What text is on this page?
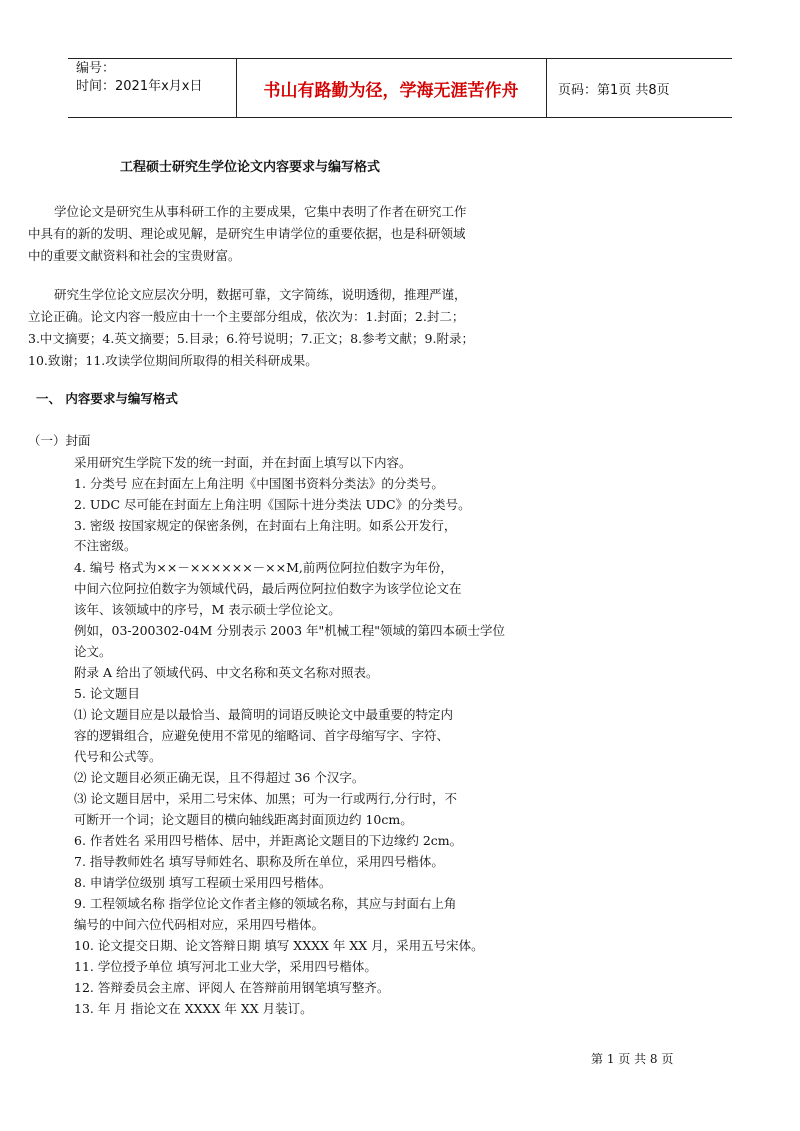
编号：
时间：2021年x月x日	书山有路勤为径，学海无涯苦作舟	页码：第1页 共8页
工程硕士研究生学位论文内容要求与编写格式
学位论文是研究生从事科研工作的主要成果，它集中表明了作者在研究工作
中具有的新的发明、理论或见解，是研究生申请学位的重要依据，也是科研领域
中的重要文献资料和社会的宝贵财富。
研究生学位论文应层次分明，数据可靠，文字简练，说明透彻，推理严谨，
立论正确。论文内容一般应由十一个主要部分组成，依次为：1.封面；2.封二；
3.中文摘要；4.英文摘要；5.目录；6.符号说明；7.正文；8.参考文献；9.附录；
10.致谢；11.攻读学位期间所取得的相关科研成果。
一、 内容要求与编写格式
（一）封面
采用研究生学院下发的统一封面，并在封面上填写以下内容。
1. 分类号 应在封面左上角注明《中国图书资料分类法》的分类号。
2. UDC 尽可能在封面左上角注明《国际十进分类法 UDC》的分类号。
3. 密级 按国家规定的保密条例，在封面右上角注明。如系公开发行，
不注密级。
4. 编号 格式为××－××××××－××M,前两位阿拉伯数字为年份，
中间六位阿拉伯数字为领域代码，最后两位阿拉伯数字为该学位论文在
该年、该领域中的序号，M 表示硕士学位论文。
例如，03-200302-04M 分别表示 2003 年"机械工程"领域的第四本硕士学位
论文。
附录 A 给出了领域代码、中文名称和英文名称对照表。
5. 论文题目
⑴ 论文题目应是以最恰当、最简明的词语反映论文中最重要的特定内
容的逻辑组合，应避免使用不常见的缩略词、首字母缩写字、字符、
代号和公式等。
⑵ 论文题目必须正确无误，且不得超过 36 个汉字。
⑶ 论文题目居中，采用二号宋体、加黑；可为一行或两行,分行时，不
可断开一个词；论文题目的横向轴线距离封面顶边约 10cm。
6. 作者姓名 采用四号楷体、居中，并距离论文题目的下边缘约 2cm。
7. 指导教师姓名 填写导师姓名、职称及所在单位，采用四号楷体。
8. 申请学位级别 填写工程硕士采用四号楷体。
9. 工程领域名称 指学位论文作者主修的领域名称，其应与封面右上角
编号的中间六位代码相对应，采用四号楷体。
10. 论文提交日期、论文答辩日期 填写 XXXX 年 XX 月，采用五号宋体。
11. 学位授予单位 填写河北工业大学，采用四号楷体。
12. 答辩委员会主席、评阅人 在答辩前用钢笔填写整齐。
13. 年 月 指论文在 XXXX 年 XX 月装订。
第 1 页 共 8 页
